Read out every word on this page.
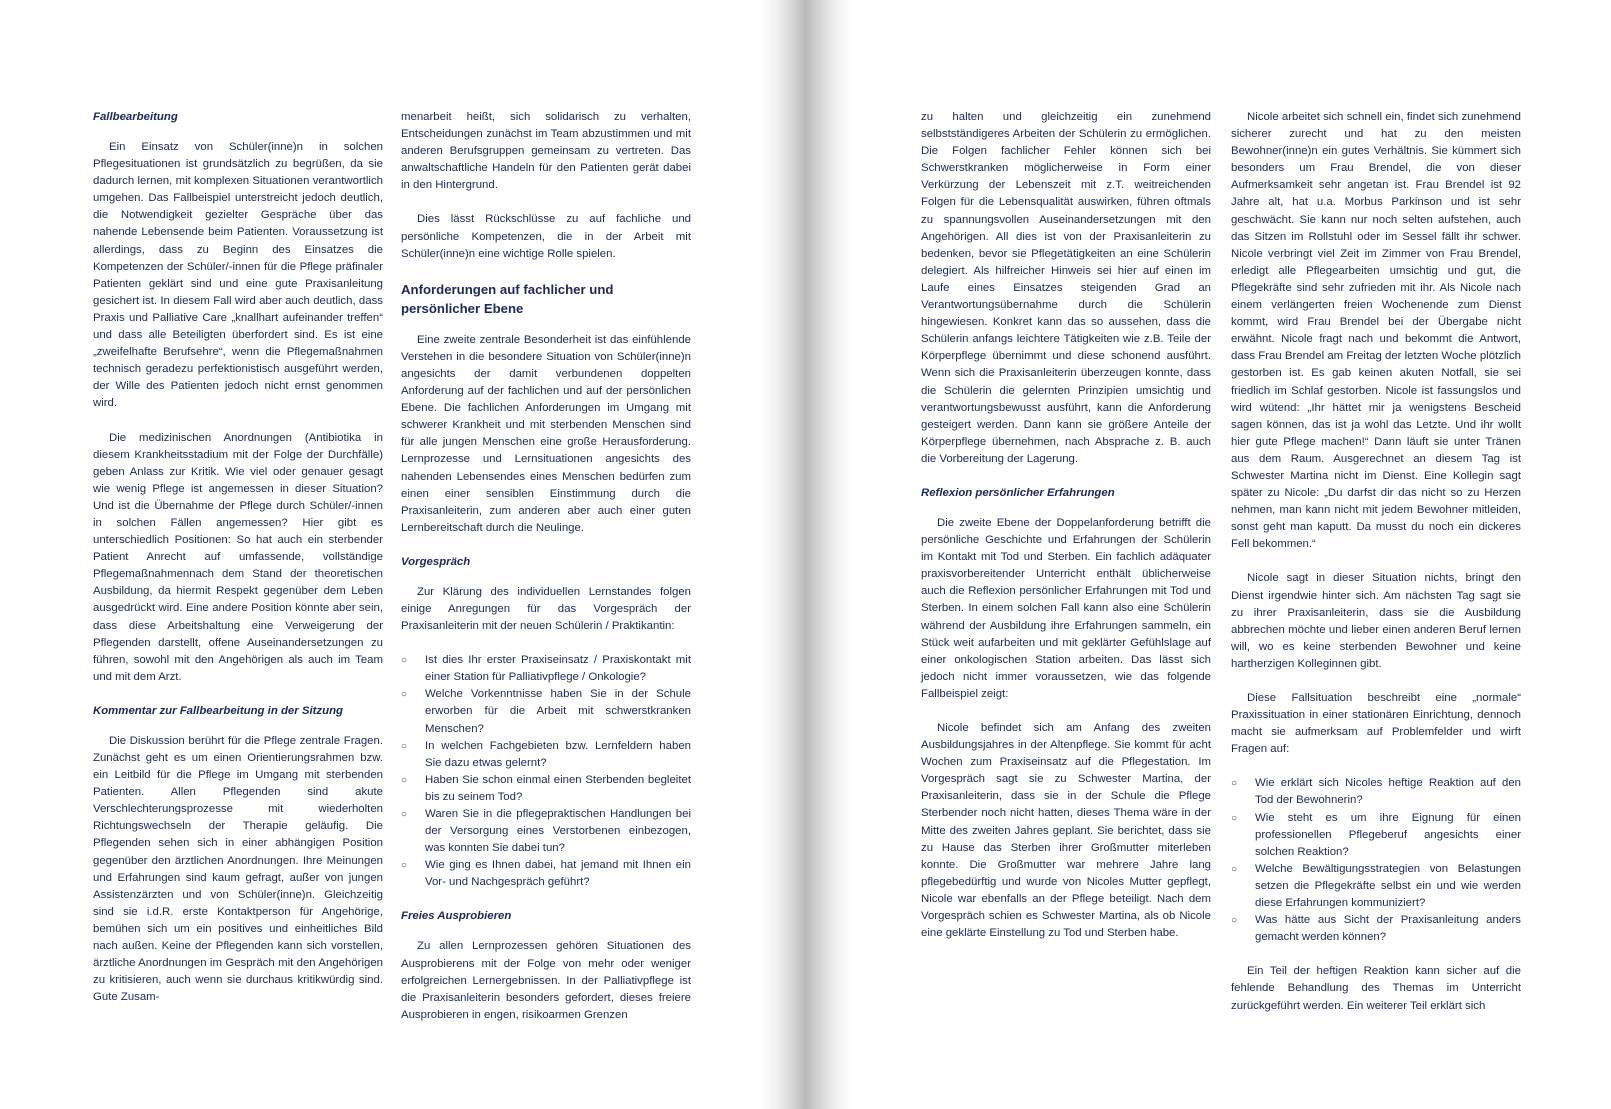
Fallbearbeitung

Ein Einsatz von Schüler(inne)n in solchen Pflegesituationen ist grundsätzlich zu begrüßen, da sie dadurch lernen, mit komplexen Situationen verantwortlich umgehen. Das Fallbeispiel unterstreicht jedoch deutlich, die Notwendigkeit gezielter Gespräche über das nahende Lebensende beim Patienten. Voraussetzung ist allerdings, dass zu Beginn des Einsatzes die Kompetenzen der Schüler/-innen für die Pflege präfinaler Patienten geklärt sind und eine gute Praxisanleitung gesichert ist. In diesem Fall wird aber auch deutlich, dass Praxis und Palliative Care „knallhart aufeinander treffen“ und dass alle Beteiligten überfordert sind. Es ist eine „zweifelhafte Berufsehre“, wenn die Pflegemaßnahmen technisch geradezu perfektionistisch ausgeführt werden, der Wille des Patienten jedoch nicht ernst genommen wird.

Die medizinischen Anordnungen (Antibiotika in diesem Krankheitsstadium mit der Folge der Durchfälle) geben Anlass zur Kritik. Wie viel oder genauer gesagt wie wenig Pflege ist angemessen in dieser Situation? Und ist die Übernahme der Pflege durch Schüler/-innen in solchen Fällen angemessen? Hier gibt es unterschiedlich Positionen: So hat auch ein sterbender Patient Anrecht auf umfassende, vollständige Pflegemaßnahmennach dem Stand der theoretischen Ausbildung, da hiermit Respekt gegenüber dem Leben ausgedrückt wird. Eine andere Position könnte aber sein, dass diese Arbeitshaltung eine Verweigerung der Pflegenden darstellt, offene Auseinandersetzungen zu führen, sowohl mit den Angehörigen als auch im Team und mit dem Arzt.

Kommentar zur Fallbearbeitung in der Sitzung

Die Diskussion berührt für die Pflege zentrale Fragen. Zunächst geht es um einen Orientierungsrahmen bzw. ein Leitbild für die Pflege im Umgang mit sterbenden Patienten. Allen Pflegenden sind akute Verschlechterungsprozesse mit wiederholten Richtungswechseln der Therapie geläufig. Die Pflegenden sehen sich in einer abhängigen Position gegenüber den ärztlichen Anordnungen. Ihre Meinungen und Erfahrungen sind kaum gefragt, außer von jungen Assistenzärzten und von Schüler(inne)n. Gleichzeitig sind sie i.d.R. erste Kontaktperson für Angehörige, bemühen sich um ein positives und einheitliches Bild nach außen. Keine der Pflegenden kann sich vorstellen, ärztliche Anordnungen im Gespräch mit den Angehörigen zu kritisieren, auch wenn sie durchaus kritikwürdig sind. Gute Zusam-

menarbeit heißt, sich solidarisch zu verhalten, Entscheidungen zunächst im Team abzustimmen und mit anderen Berufsgruppen gemeinsam zu vertreten. Das anwaltschaftliche Handeln für den Patienten gerät dabei in den Hintergrund.

Dies lässt Rückschlüsse zu auf fachliche und persönliche Kompetenzen, die in der Arbeit mit Schüler(inne)n eine wichtige Rolle spielen.

Anforderungen auf fachlicher und persönlicher Ebene

Eine zweite zentrale Besonderheit ist das einfühlende Verstehen in die besondere Situation von Schüler(inne)n angesichts der damit verbundenen doppelten Anforderung auf der fachlichen und auf der persönlichen Ebene. Die fachlichen Anforderungen im Umgang mit schwerer Krankheit und mit sterbenden Menschen sind für alle jungen Menschen eine große Herausforderung. Lernprozesse und Lernsituationen angesichts des nahenden Lebensendes eines Menschen bedürfen zum einen einer sensiblen Einstimmung durch die Praxisanleiterin, zum anderen aber auch einer guten Lernbereitschaft durch die Neulinge.

Vorgespräch

Zur Klärung des individuellen Lernstandes folgen einige Anregungen für das Vorgespräch der Praxisanleiterin mit der neuen Schülerin / Praktikantin:

○ Ist dies Ihr erster Praxiseinsatz / Praxiskontakt mit einer Station für Palliativpflege / Onkologie?
○ Welche Vorkenntnisse haben Sie in der Schule erworben für die Arbeit mit schwerstkranken Menschen?
○ In welchen Fachgebieten bzw. Lernfeldern haben Sie dazu etwas gelernt?
○ Haben Sie schon einmal einen Sterbenden begleitet bis zu seinem Tod?
○ Waren Sie in die pflegepraktischen Handlungen bei der Versorgung eines Verstorbenen einbezogen, was konnten Sie dabei tun?
○ Wie ging es Ihnen dabei, hat jemand mit Ihnen ein Vor- und Nachgespräch geführt?
Freies Ausprobieren

Zu allen Lernprozessen gehören Situationen des Ausprobierens mit der Folge von mehr oder weniger erfolgreichen Lernergebnissen. In der Palliativpflege ist die Praxisanleiterin besonders gefordert, dieses freiere Ausprobieren in engen, risikoarmen Grenzen

zu halten und gleichzeitig ein zunehmend selbstständigeres Arbeiten der Schülerin zu ermöglichen. Die Folgen fachlicher Fehler können sich bei Schwerstkranken möglicherweise in Form einer Verkürzung der Lebenszeit mit z.T. weitreichenden Folgen für die Lebensqualität auswirken, führen oftmals zu spannungsvollen Auseinandersetzungen mit den Angehörigen. All dies ist von der Praxisanleiterin zu bedenken, bevor sie Pflegetätigkeiten an eine Schülerin delegiert. Als hilfreicher Hinweis sei hier auf einen im Laufe eines Einsatzes steigenden Grad an Verantwortungsübernahme durch die Schülerin hingewiesen. Konkret kann das so aussehen, dass die Schülerin anfangs leichtere Tätigkeiten wie z.B. Teile der Körperpflege übernimmt und diese schonend ausführt. Wenn sich die Praxisanleiterin überzeugen konnte, dass die Schülerin die gelernten Prinzipien umsichtig und verantwortungsbewusst ausführt, kann die Anforderung gesteigert werden. Dann kann sie größere Anteile der Körperpflege übernehmen, nach Absprache z. B. auch die Vorbereitung der Lagerung.

Reflexion persönlicher Erfahrungen

Die zweite Ebene der Doppelanforderung betrifft die persönliche Geschichte und Erfahrungen der Schülerin im Kontakt mit Tod und Sterben. Ein fachlich adäquater praxisvorbereitender Unterricht enthält üblicherweise auch die Reflexion persönlicher Erfahrungen mit Tod und Sterben. In einem solchen Fall kann also eine Schülerin während der Ausbildung ihre Erfahrungen sammeln, ein Stück weit aufarbeiten und mit geklärter Gefühlslage auf einer onkologischen Station arbeiten. Das lässt sich jedoch nicht immer voraussetzen, wie das folgende Fallbeispiel zeigt:

Nicole befindet sich am Anfang des zweiten Ausbildungsjahres in der Altenpflege. Sie kommt für acht Wochen zum Praxiseinsatz auf die Pflegestation. Im Vorgespräch sagt sie zu Schwester Martina, der Praxisanleiterin, dass sie in der Schule die Pflege Sterbender noch nicht hatten, dieses Thema wäre in der Mitte des zweiten Jahres geplant. Sie berichtet, dass sie zu Hause das Sterben ihrer Großmutter miterleben konnte. Die Großmutter war mehrere Jahre lang pflegebedürftig und wurde von Nicoles Mutter gepflegt, Nicole war ebenfalls an der Pflege beteiligt. Nach dem Vorgespräch schien es Schwester Martina, als ob Nicole eine geklärte Einstellung zu Tod und Sterben habe.

Nicole arbeitet sich schnell ein, findet sich zunehmend sicherer zurecht und hat zu den meisten Bewohner(inne)n ein gutes Verhältnis. Sie kümmert sich besonders um Frau Brendel, die von dieser Aufmerksamkeit sehr angetan ist. Frau Brendel ist 92 Jahre alt, hat u.a. Morbus Parkinson und ist sehr geschwächt. Sie kann nur noch selten aufstehen, auch das Sitzen im Rollstuhl oder im Sessel fällt ihr schwer. Nicole verbringt viel Zeit im Zimmer von Frau Brendel, erledigt alle Pflegearbeiten umsichtig und gut, die Pflegekräfte sind sehr zufrieden mit ihr. Als Nicole nach einem verlängerten freien Wochenende zum Dienst kommt, wird Frau Brendel bei der Übergabe nicht erwähnt. Nicole fragt nach und bekommt die Antwort, dass Frau Brendel am Freitag der letzten Woche plötzlich gestorben ist. Es gab keinen akuten Notfall, sie sei friedlich im Schlaf gestorben. Nicole ist fassungslos und wird wütend: „Ihr hättet mir ja wenigstens Bescheid sagen können, das ist ja wohl das Letzte. Und ihr wollt hier gute Pflege machen!“ Dann läuft sie unter Tränen aus dem Raum. Ausgerechnet an diesem Tag ist Schwester Martina nicht im Dienst. Eine Kollegin sagt später zu Nicole: „Du darfst dir das nicht so zu Herzen nehmen, man kann nicht mit jedem Bewohner mitleiden, sonst geht man kaputt. Da musst du noch ein dickeres Fell bekommen.“

Nicole sagt in dieser Situation nichts, bringt den Dienst irgendwie hinter sich. Am nächsten Tag sagt sie zu ihrer Praxisanleiterin, dass sie die Ausbildung abbrechen möchte und lieber einen anderen Beruf lernen will, wo es keine sterbenden Bewohner und keine hartherzigen Kolleginnen gibt.

Diese Fallsituation beschreibt eine „normale“ Praxissituation in einer stationären Einrichtung, dennoch macht sie aufmerksam auf Problemfelder und wirft Fragen auf:

○ Wie erklärt sich Nicoles heftige Reaktion auf den Tod der Bewohnerin?
○ Wie steht es um ihre Eignung für einen professionellen Pflegeberuf angesichts einer solchen Reaktion?
○ Welche Bewältigungsstrategien von Belastungen setzen die Pflegekräfte selbst ein und wie werden diese Erfahrungen kommuniziert?
○ Was hätte aus Sicht der Praxisanleitung anders gemacht werden können?

Ein Teil der heftigen Reaktion kann sicher auf die fehlende Behandlung des Themas im Unterricht zurückgeführt werden. Ein weiterer Teil erklärt sich
